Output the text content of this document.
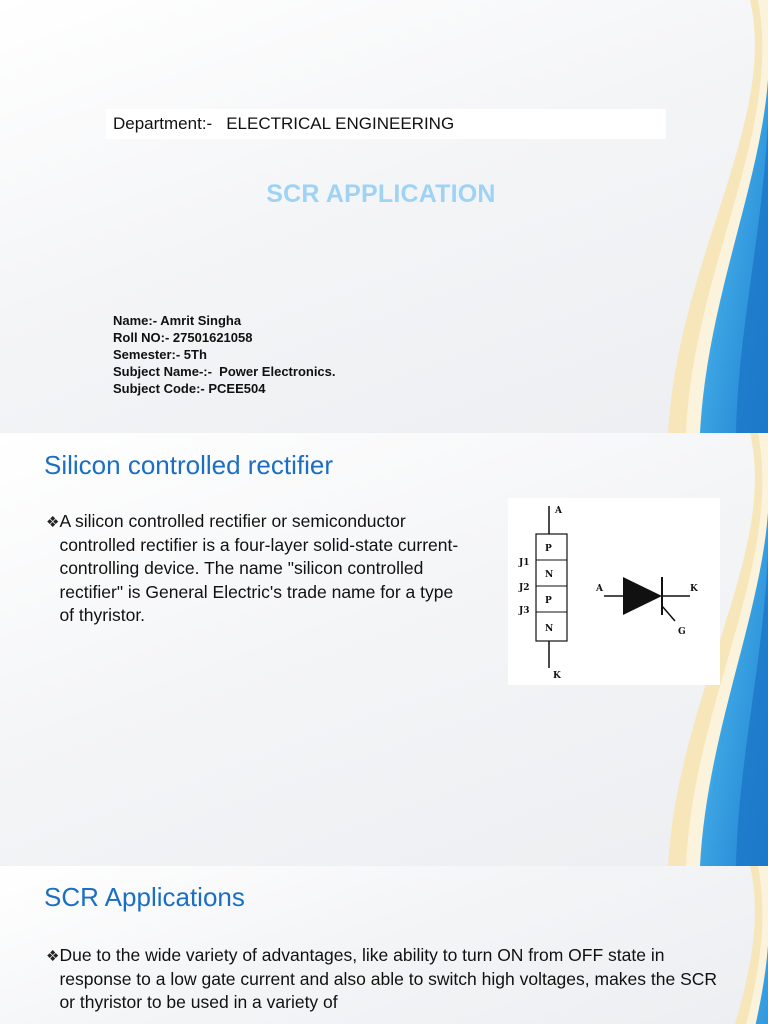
Department:- ELECTRICAL ENGINEERING
SCR APPLICATION
Name:- Amrit Singha
Roll NO:- 27501621058
Semester:- 5Th
Subject Name-:-  Power Electronics.
Subject Code:- PCEE504
Silicon controlled rectifier
❖ A silicon controlled rectifier or semiconductor controlled rectifier is a four-layer solid-state current-controlling device. The name "silicon controlled rectifier" is General Electric's trade name for a type of thyristor.
A
K
P
N
P
N
J1
J2
J3
A	K
G
SCR Applications
❖ Due to the wide variety of advantages, like ability to turn ON from OFF state in response to a low gate current and also able to switch high voltages, makes the SCR or thyristor to be used in a variety of
